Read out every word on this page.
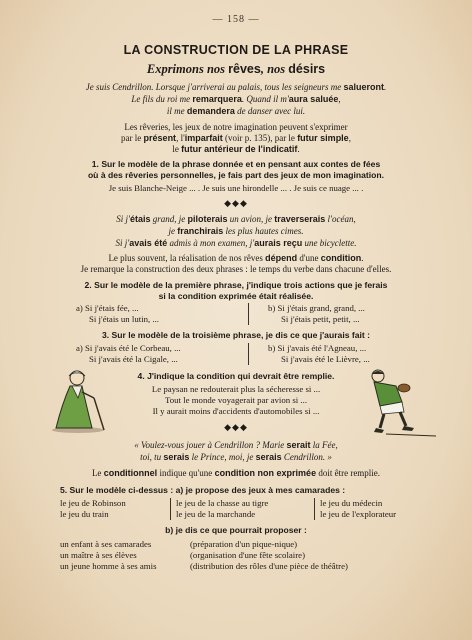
— 158 —
LA CONSTRUCTION DE LA PHRASE
Exprimons nos rêves, nos désirs
Je suis Cendrillon. Lorsque j'arriverai au palais, tous les seigneurs me salueront.
Le fils du roi me remarquera. Quand il m'aura saluée,
il me demandera de danser avec lui.
Les rêveries, les jeux de notre imagination peuvent s'exprimer
par le présent, l'imparfait (voir p. 135), par le futur simple,
le futur antérieur de l'indicatif.
1. Sur le modèle de la phrase donnée et en pensant aux contes de fées
où à des rêveries personnelles, je fais part des jeux de mon imagination.
Je suis Blanche-Neige ... . Je suis une hirondelle ... . Je suis ce nuage ... .
◆◆◆
Si j'étais grand, je piloterais un avion, je traverserais l'océan,
je franchirais les plus hautes cimes.
Si j'avais été admis à mon examen, j'aurais reçu une bicyclette.
Le plus souvent, la réalisation de nos rêves dépend d'une condition.
Je remarque la construction des deux phrases : le temps du verbe dans chacune d'elles.
2. Sur le modèle de la première phrase, j'indique trois actions que je ferais
si la condition exprimée était réalisée.
a) Si j'étais fée, ...
Si j'étais un lutin, ...
b) Si j'étais grand, grand, ...
Si j'étais petit, petit, ...
3. Sur le modèle de la troisième phrase, je dis ce que j'aurais fait :
a) Si j'avais été le Corbeau, ...
Si j'avais été la Cigale, ...
b) Si j'avais été l'Agneau, ...
Si j'avais été le Lièvre, ...
4. J'indique la condition qui devrait être remplie.
Le paysan ne redouterait plus la sécheresse si ...
Tout le monde voyagerait par avion si ...
Il y aurait moins d'accidents d'automobiles si ...
◆◆◆
« Voulez-vous jouer à Cendrillon ? Marie serait la Fée,
toi, tu serais le Prince, moi, je serais Cendrillon. »
Le conditionnel indique qu'une condition non exprimée doit être remplie.
5. Sur le modèle ci-dessus : a) je propose des jeux à mes camarades :
le jeu de Robinson
le jeu du train
le jeu de la chasse au tigre
le jeu de la marchande
le jeu du médecin
le jeu de l'explorateur
b) je dis ce que pourrait proposer :
un enfant à ses camarades
un maître à ses élèves
un jeune homme à ses amis
(préparation d'un pique-nique)
(organisation d'une fête scolaire)
(distribution des rôles d'une pièce de théâtre)
